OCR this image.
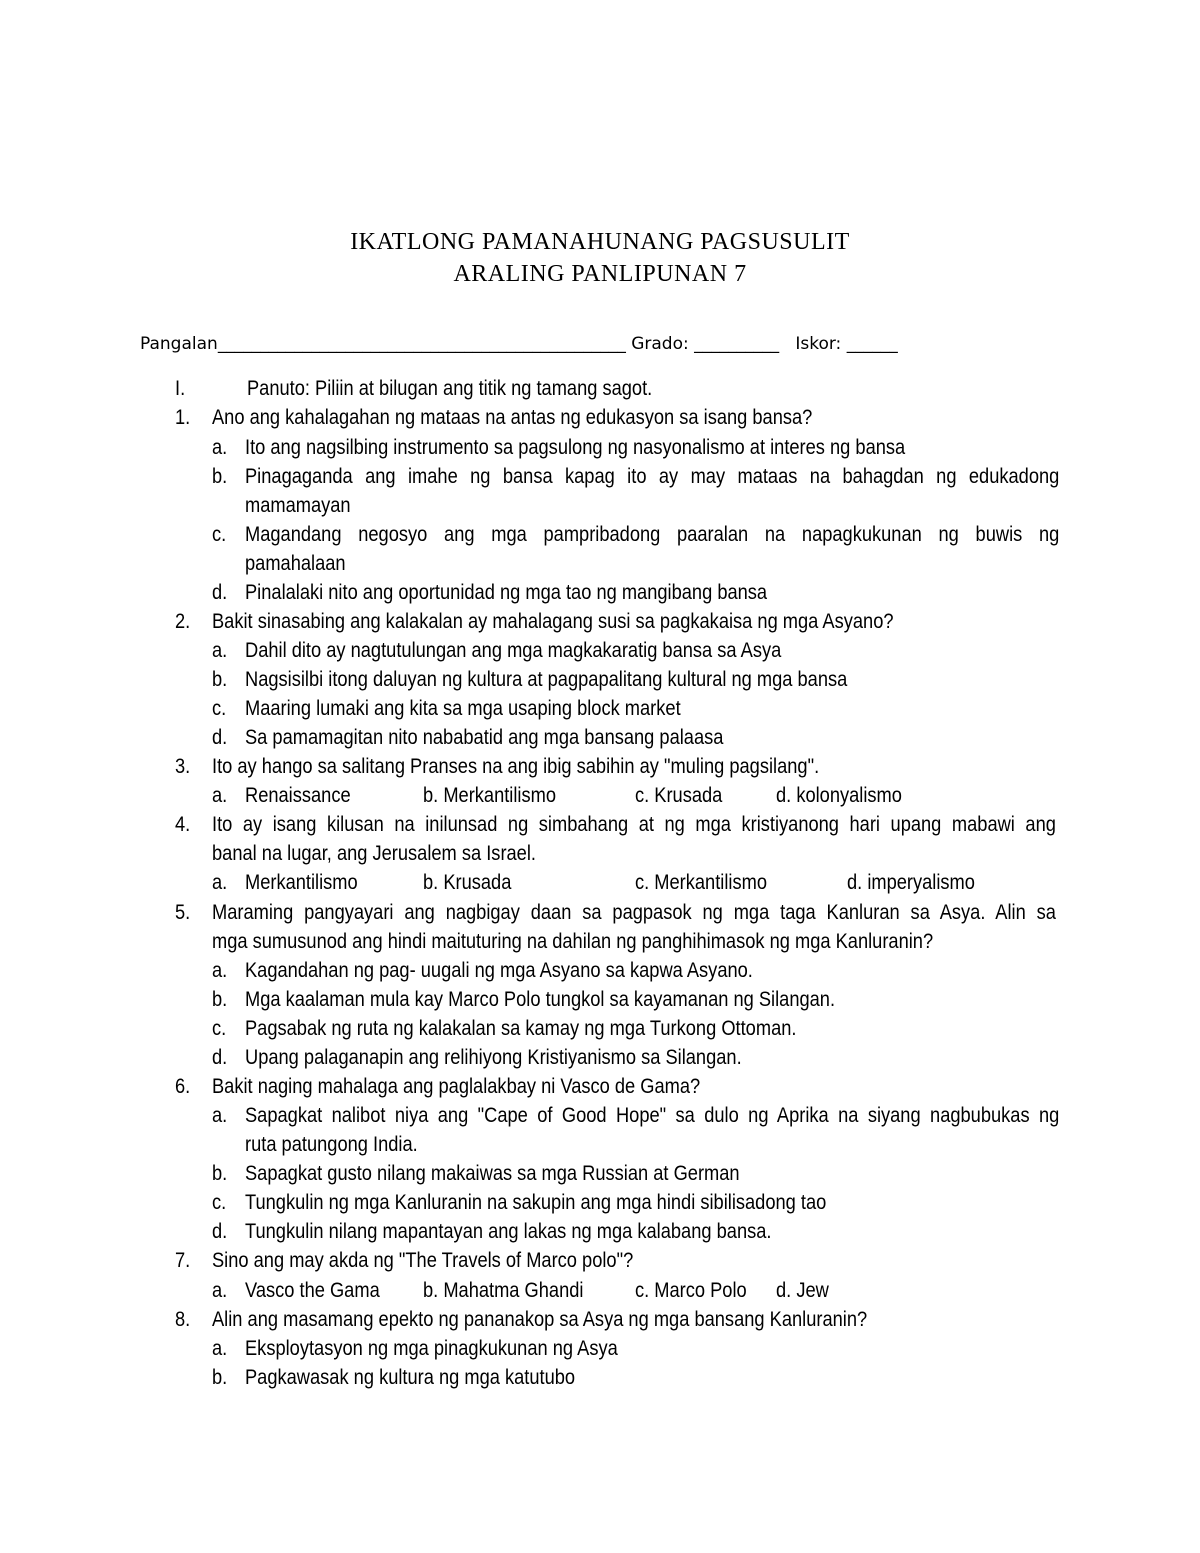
IKATLONG PAMANAHUNANG PAGSUSULIT
ARALING PANLIPUNAN 7
Pangalan________________________________________________ Grado: __________ Iskor: ______
I.	Panuto: Piliin at bilugan ang titik ng tamang sagot.
1. Ano ang kahalagahan ng mataas na antas ng edukasyon sa isang bansa?
a. Ito ang nagsilbing instrumento sa pagsulong ng nasyonalismo at interes ng bansa
b. Pinagaganda ang imahe ng bansa kapag ito ay may mataas na bahagdan ng edukadong
mamamayan
c. Magandang negosyo ang mga pampribadong paaralan na napagkukunan ng buwis ng
pamahalaan
d. Pinalalaki nito ang oportunidad ng mga tao ng mangibang bansa
2. Bakit sinasabing ang kalakalan ay mahalagang susi sa pagkakaisa ng mga Asyano?
a. Dahil dito ay nagtutulungan ang mga magkakaratig bansa sa Asya
b. Nagsisilbi itong daluyan ng kultura at pagpapalitang kultural ng mga bansa
c. Maaring lumaki ang kita sa mga usaping block market
d. Sa pamamagitan nito nababatid ang mga bansang palaasa
3. Ito ay hango sa salitang Pranses na ang ibig sabihin ay "muling pagsilang".
a. Renaissance	b. Merkantilismo	c. Krusada	d. kolonyalismo
4. Ito ay isang kilusan na inilunsad ng simbahang at ng mga kristiyanong hari upang mabawi ang
banal na lugar, ang Jerusalem sa Israel.
a. Merkantilismo	b. Krusada	c. Merkantilismo	d. imperyalismo
5. Maraming pangyayari ang nagbigay daan sa pagpasok ng mga taga Kanluran sa Asya. Alin sa
mga sumusunod ang hindi maituturing na dahilan ng panghihimasok ng mga Kanluranin?
a. Kagandahan ng pag- uugali ng mga Asyano sa kapwa Asyano.
b. Mga kaalaman mula kay Marco Polo tungkol sa kayamanan ng Silangan.
c. Pagsabak ng ruta ng kalakalan sa kamay ng mga Turkong Ottoman.
d. Upang palaganapin ang relihiyong Kristiyanismo sa Silangan.
6. Bakit naging mahalaga ang paglalakbay ni Vasco de Gama?
a. Sapagkat nalibot niya ang "Cape of Good Hope" sa dulo ng Aprika na siyang nagbubukas ng
ruta patungong India.
b. Sapagkat gusto nilang makaiwas sa mga Russian at German
c. Tungkulin ng mga Kanluranin na sakupin ang mga hindi sibilisadong tao
d. Tungkulin nilang mapantayan ang lakas ng mga kalabang bansa.
7. Sino ang may akda ng "The Travels of Marco polo"?
a. Vasco the Gama b. Mahatma Ghandi c. Marco Polo d. Jew
8. Alin ang masamang epekto ng pananakop sa Asya ng mga bansang Kanluranin?
a. Eksploytasyon ng mga pinagkukunan ng Asya
b. Pagkawasak ng kultura ng mga katutubo
